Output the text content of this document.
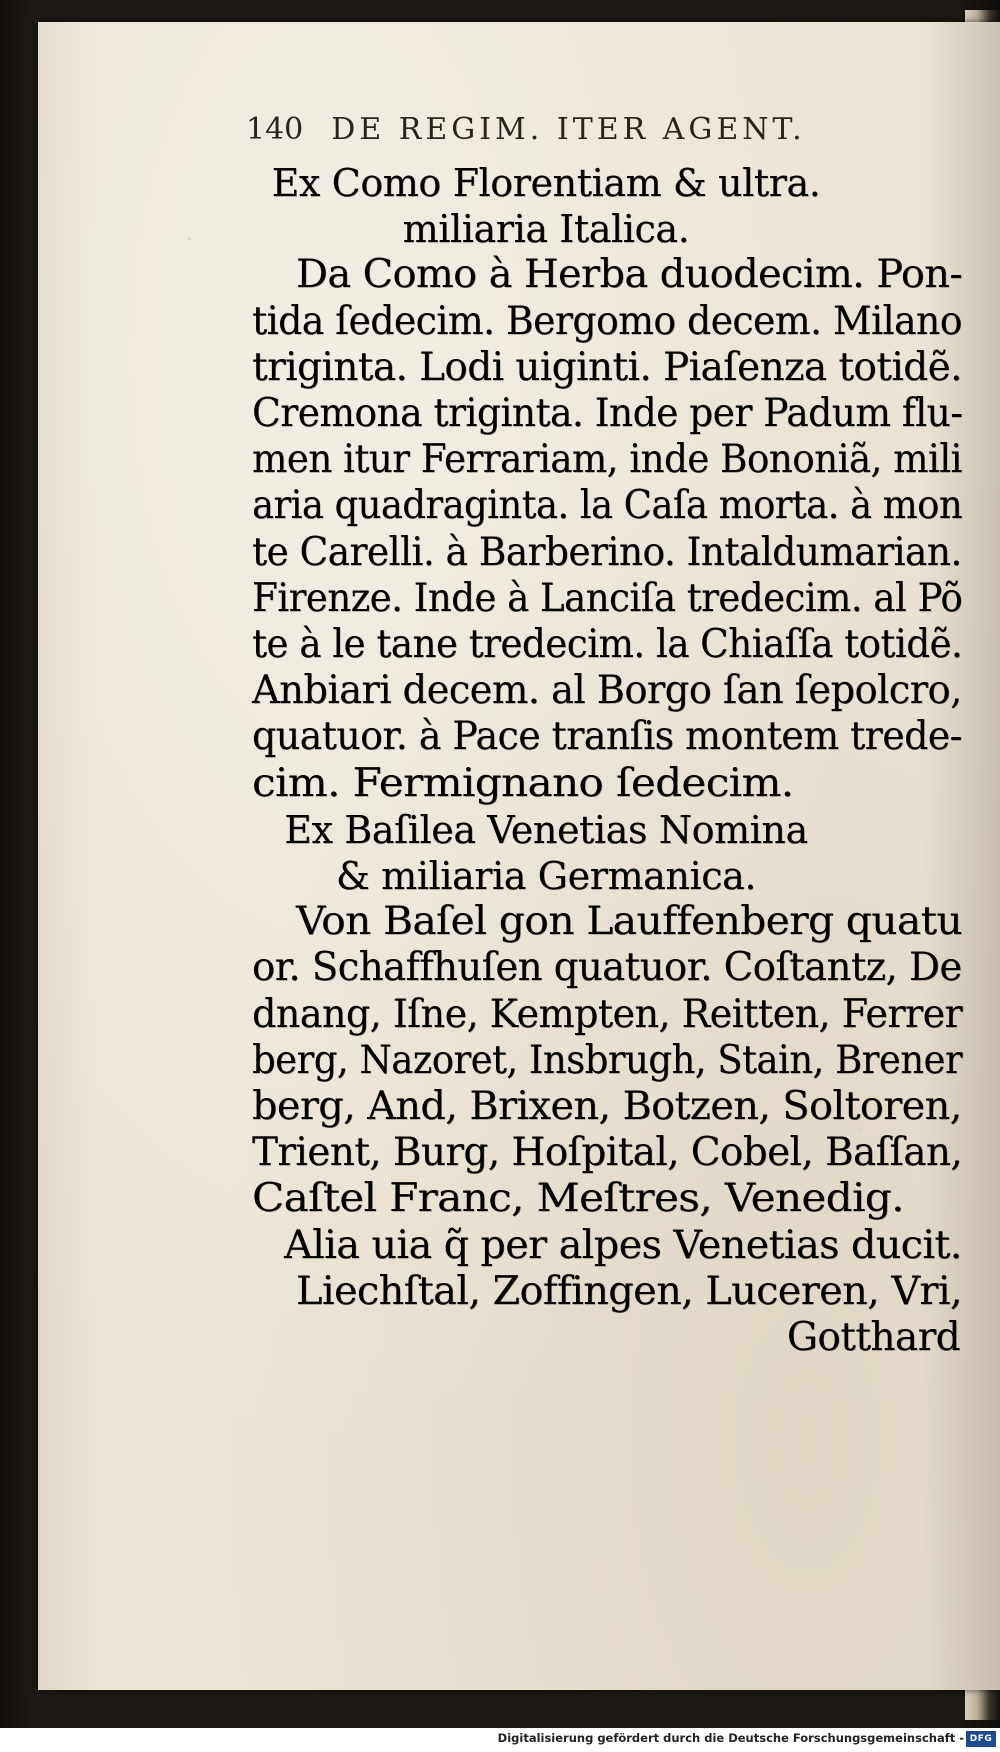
140 DE REGIM. ITER AGENT.
Ex Como Florentiam & ultra.
miliaria Italica.
Da Como à Herba duodecim. Pon-
tida ſedecim. Bergomo decem. Milano
triginta. Lodi uiginti. Piaſenza totidẽ.
Cremona triginta. Inde per Padum flu-
men itur Ferrariam, inde Bononiã, mili
aria quadraginta. la Caſa morta. à mon
te Carelli. à Barberino. Intaldumarian.
Firenze. Inde à Lanciſa tredecim. al Põ
te à le tane tredecim. la Chiaſſa totidẽ.
Anbiari decem. al Borgo ſan ſepolcro,
quatuor. à Pace tranſis montem trede-
cim. Fermignano ſedecim.
Ex Baſilea Venetias Nomina
& miliaria Germanica.
Von Baſel gon Lauffenberg quatu
or. Schaffhuſen quatuor. Coſtantz, De
dnang, Iſne, Kempten, Reitten, Ferrer
berg, Nazoret, Insbrugh, Stain, Brener
berg, And, Brixen, Botzen, Soltoren,
Trient, Burg, Hoſpital, Cobel, Baſſan,
Caſtel Franc, Meſtres, Venedig.
Alia uia q̃ per alpes Venetias ducit.
Liechſtal, Zoffingen, Luceren, Vri,
Gotthard
Digitalisierung gefördert durch die Deutsche Forschungsgemeinschaft - DFG
